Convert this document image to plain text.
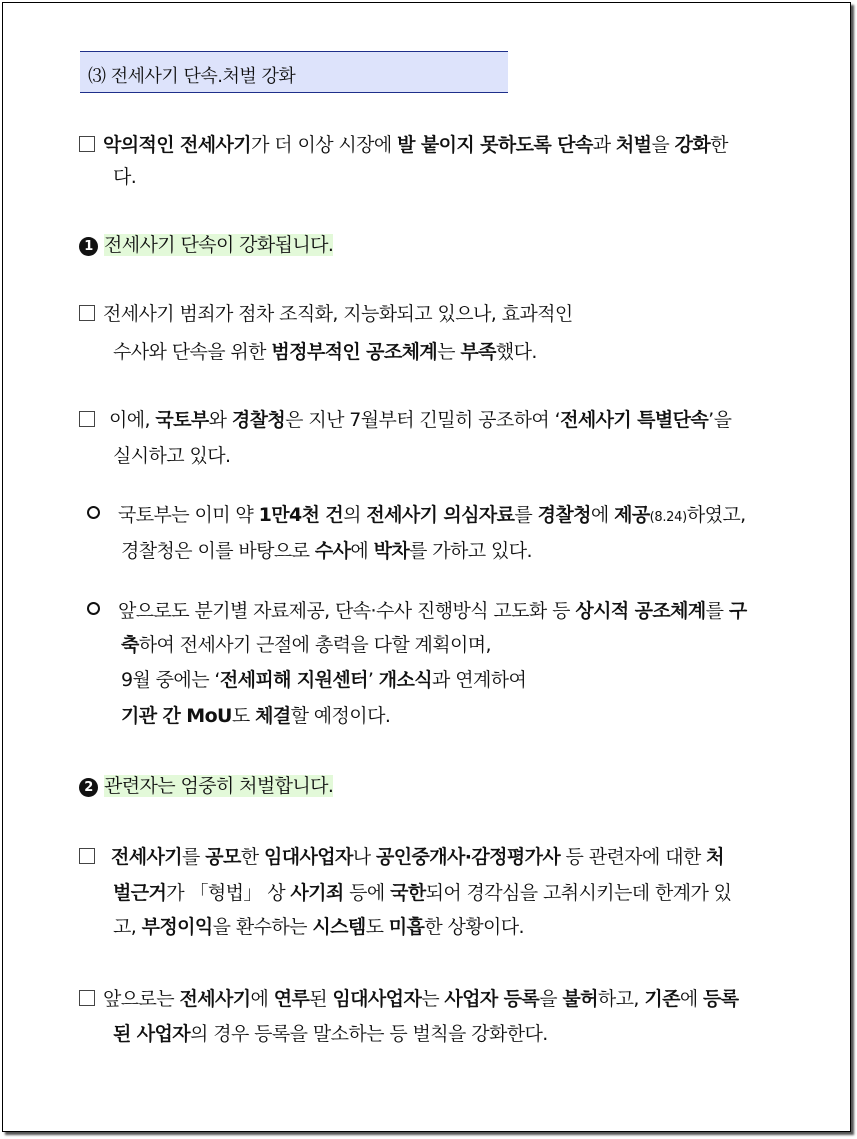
⑶ 전세사기 단속.처벌 강화
악의적인 전세사기가 더 이상 시장에 발 붙이지 못하도록 단속과 처벌을 강화한
다.
1 전세사기 단속이 강화됩니다.
전세사기 범죄가 점차 조직화, 지능화되고 있으나, 효과적인
수사와 단속을 위한 범정부적인 공조체계는 부족했다.
이에, 국토부와 경찰청은 지난 7월부터 긴밀히 공조하여 ‘전세사기 특별단속’을
실시하고 있다.
국토부는 이미 약 1만4천 건의 전세사기 의심자료를 경찰청에 제공(8.24)하였고,
경찰청은 이를 바탕으로 수사에 박차를 가하고 있다.
앞으로도 분기별 자료제공, 단속·수사 진행방식 고도화 등 상시적 공조체계를 구
축하여 전세사기 근절에 총력을 다할 계획이며,
9월 중에는 ‘전세피해 지원센터’ 개소식과 연계하여
기관 간 MoU도 체결할 예정이다.
2 관련자는 엄중히 처벌합니다.
전세사기를 공모한 임대사업자나 공인중개사·감정평가사 등 관련자에 대한 처
벌근거가 「형법」 상 사기죄 등에 국한되어 경각심을 고취시키는데 한계가 있
고, 부정이익을 환수하는 시스템도 미흡한 상황이다.
앞으로는 전세사기에 연루된 임대사업자는 사업자 등록을 불허하고, 기존에 등록
된 사업자의 경우 등록을 말소하는 등 벌칙을 강화한다.
